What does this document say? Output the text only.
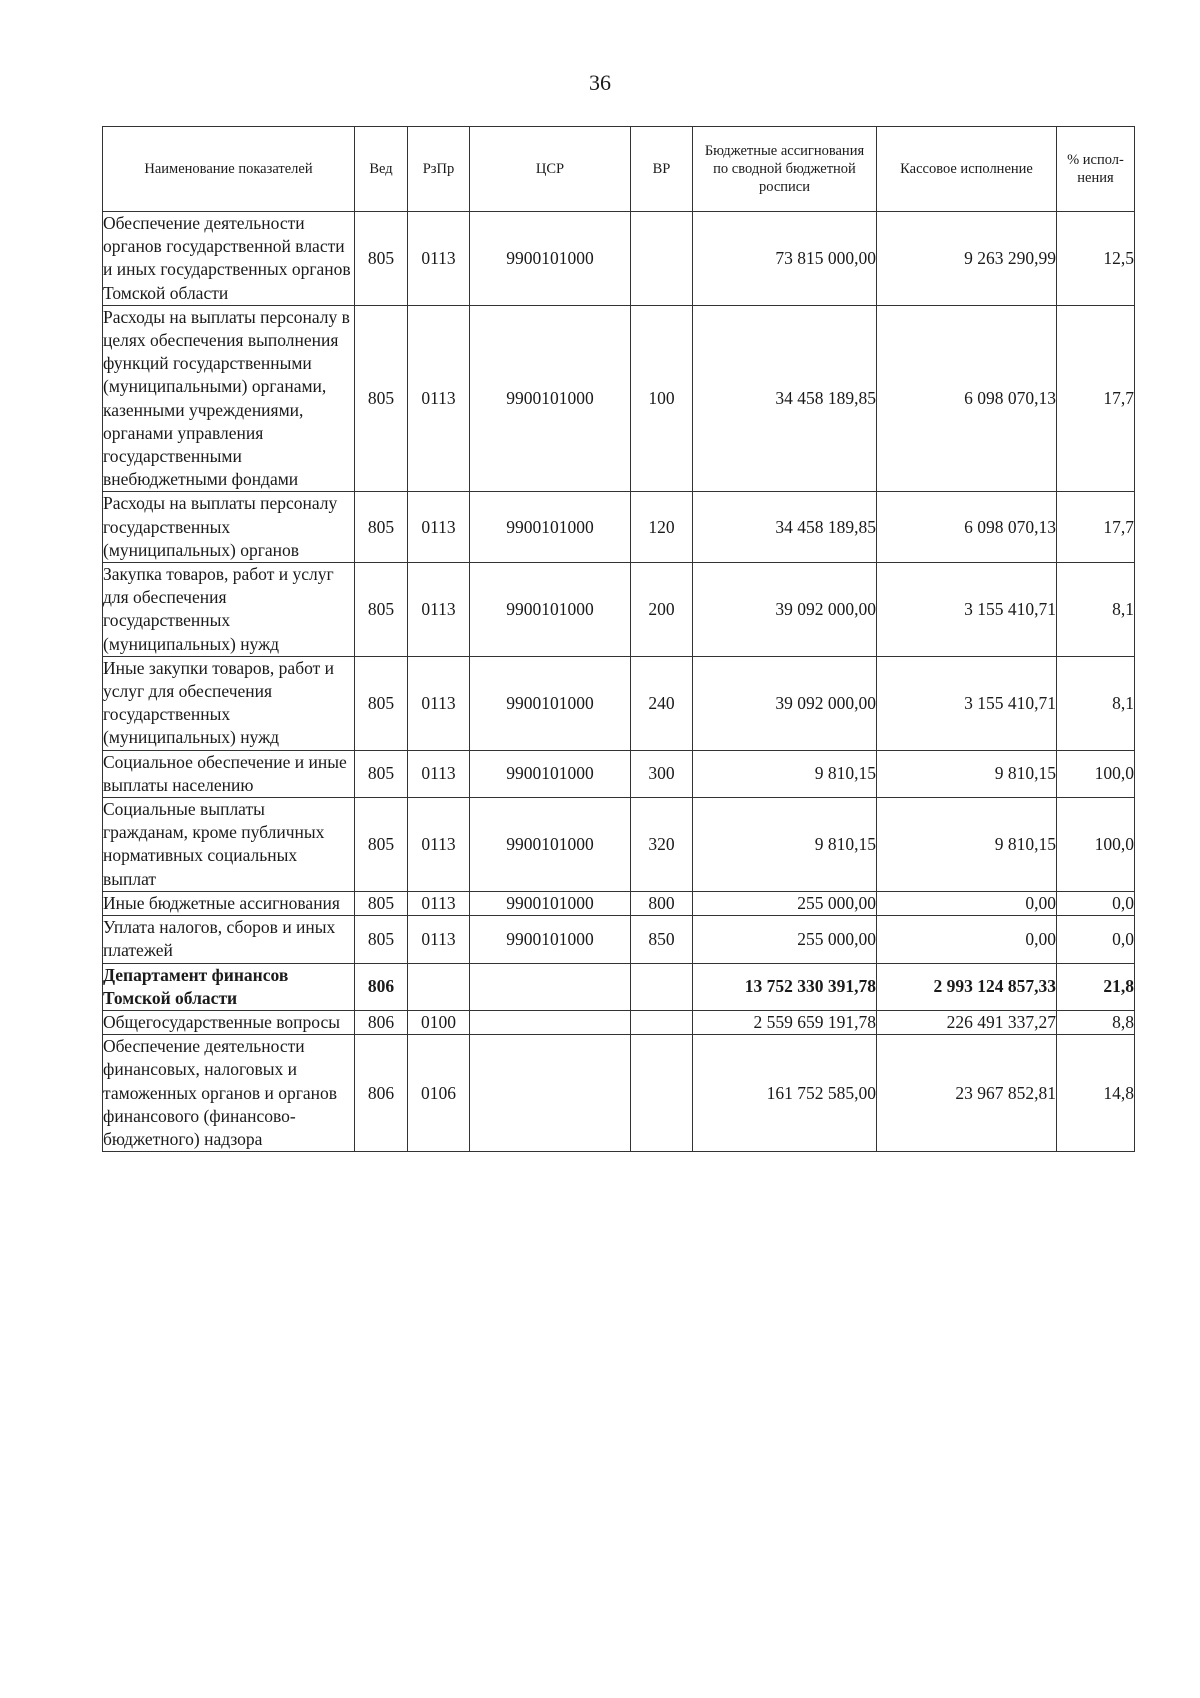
36
Наименование показателей	Вед	РзПр	ЦСР	ВР	Бюджетные ассигнования по сводной бюджетной росписи	Кассовое исполнение	% испол-нения
Обеспечение деятельности органов государственной власти и иных государственных органов Томской области	805	0113	9900101000		73 815 000,00	9 263 290,99	12,5
Расходы на выплаты персоналу в целях обеспечения выполнения функций государственными (муниципальными) органами, казенными учреждениями, органами управления государственными внебюджетными фондами	805	0113	9900101000	100	34 458 189,85	6 098 070,13	17,7
Расходы на выплаты персоналу государственных (муниципальных) органов	805	0113	9900101000	120	34 458 189,85	6 098 070,13	17,7
Закупка товаров, работ и услуг для обеспечения государственных (муниципальных) нужд	805	0113	9900101000	200	39 092 000,00	3 155 410,71	8,1
Иные закупки товаров, работ и услуг для обеспечения государственных (муниципальных) нужд	805	0113	9900101000	240	39 092 000,00	3 155 410,71	8,1
Социальное обеспечение и иные выплаты населению	805	0113	9900101000	300	9 810,15	9 810,15	100,0
Социальные выплаты гражданам, кроме публичных нормативных социальных выплат	805	0113	9900101000	320	9 810,15	9 810,15	100,0
Иные бюджетные ассигнования	805	0113	9900101000	800	255 000,00	0,00	0,0
Уплата налогов, сборов и иных платежей	805	0113	9900101000	850	255 000,00	0,00	0,0
Департамент финансов Томской области	806				13 752 330 391,78	2 993 124 857,33	21,8
Общегосударственные вопросы	806	0100			2 559 659 191,78	226 491 337,27	8,8
Обеспечение деятельности финансовых, налоговых и таможенных органов и органов финансового (финансово-бюджетного) надзора	806	0106			161 752 585,00	23 967 852,81	14,8
